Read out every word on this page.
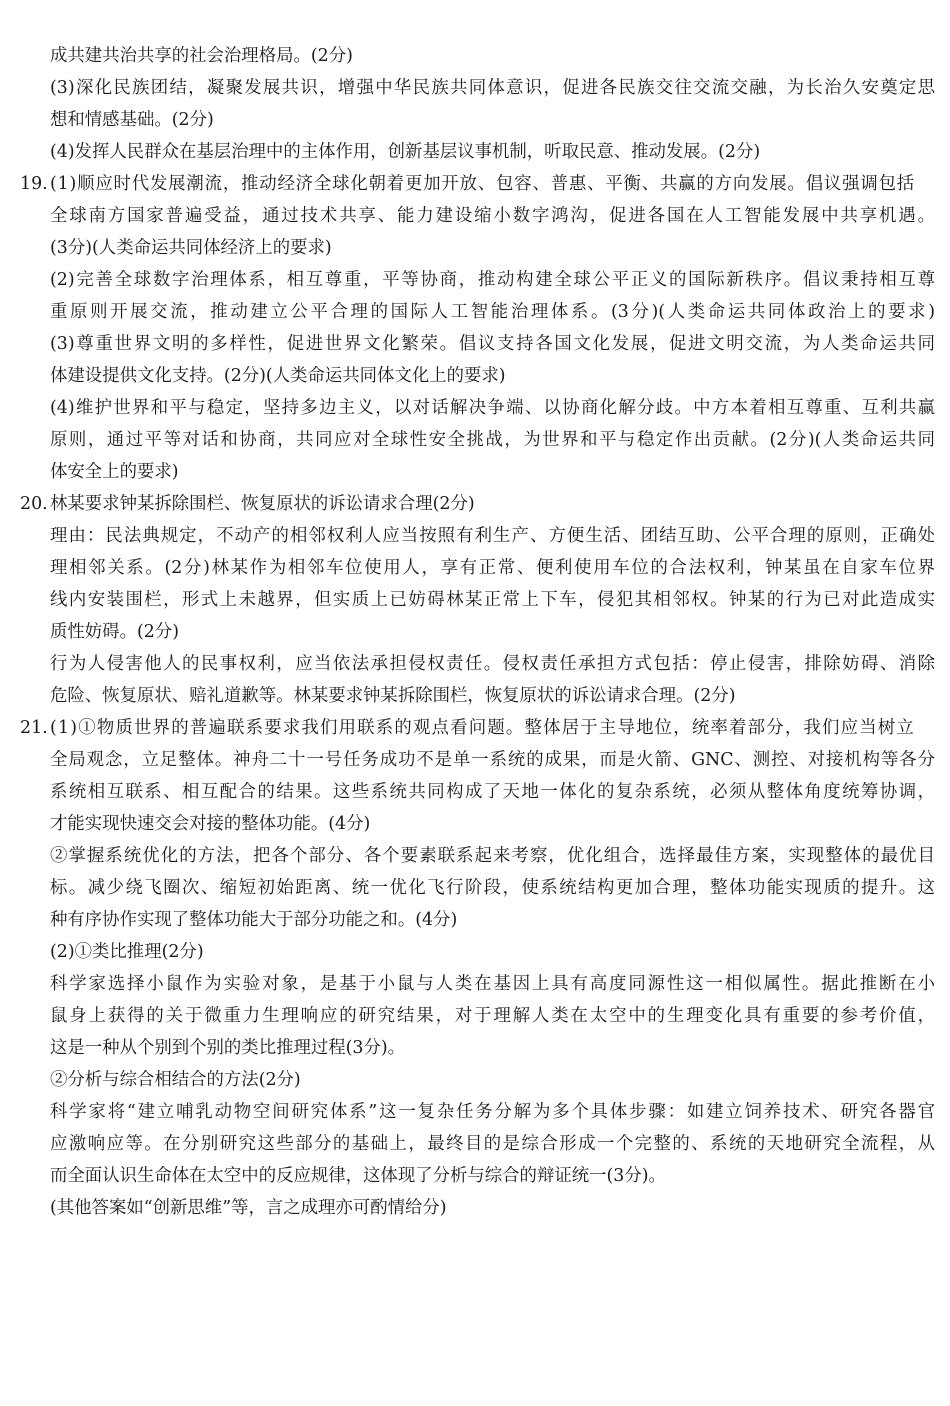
成共建共治共享的社会治理格局。(2分)
(3)深化民族团结，凝聚发展共识，增强中华民族共同体意识，促进各民族交往交流交融，为长治久安奠定思
想和情感基础。(2分)
(4)发挥人民群众在基层治理中的主体作用，创新基层议事机制，听取民意、推动发展。(2分)
19. (1)顺应时代发展潮流，推动经济全球化朝着更加开放、包容、普惠、平衡、共赢的方向发展。倡议强调包括
全球南方国家普遍受益，通过技术共享、能力建设缩小数字鸿沟，促进各国在人工智能发展中共享机遇。
(3分)(人类命运共同体经济上的要求)
(2)完善全球数字治理体系，相互尊重，平等协商，推动构建全球公平正义的国际新秩序。倡议秉持相互尊
重原则开展交流，推动建立公平合理的国际人工智能治理体系。(3分)(人类命运共同体政治上的要求)
(3)尊重世界文明的多样性，促进世界文化繁荣。倡议支持各国文化发展，促进文明交流，为人类命运共同
体建设提供文化支持。(2分)(人类命运共同体文化上的要求)
(4)维护世界和平与稳定，坚持多边主义，以对话解决争端、以协商化解分歧。中方本着相互尊重、互利共赢
原则，通过平等对话和协商，共同应对全球性安全挑战，为世界和平与稳定作出贡献。(2分)(人类命运共同
体安全上的要求)
20. 林某要求钟某拆除围栏、恢复原状的诉讼请求合理(2分)
理由：民法典规定，不动产的相邻权利人应当按照有利生产、方便生活、团结互助、公平合理的原则，正确处
理相邻关系。(2分)林某作为相邻车位使用人，享有正常、便利使用车位的合法权利，钟某虽在自家车位界
线内安装围栏，形式上未越界，但实质上已妨碍林某正常上下车，侵犯其相邻权。钟某的行为已对此造成实
质性妨碍。(2分)
行为人侵害他人的民事权利，应当依法承担侵权责任。侵权责任承担方式包括：停止侵害，排除妨碍、消除
危险、恢复原状、赔礼道歉等。林某要求钟某拆除围栏，恢复原状的诉讼请求合理。(2分)
21. (1)①物质世界的普遍联系要求我们用联系的观点看问题。整体居于主导地位，统率着部分，我们应当树立
全局观念，立足整体。神舟二十一号任务成功不是单一系统的成果，而是火箭、GNC、测控、对接机构等各分
系统相互联系、相互配合的结果。这些系统共同构成了天地一体化的复杂系统，必须从整体角度统筹协调，
才能实现快速交会对接的整体功能。(4分)
②掌握系统优化的方法，把各个部分、各个要素联系起来考察，优化组合，选择最佳方案，实现整体的最优目
标。减少绕飞圈次、缩短初始距离、统一优化飞行阶段，使系统结构更加合理，整体功能实现质的提升。这
种有序协作实现了整体功能大于部分功能之和。(4分)
(2)①类比推理(2分)
科学家选择小鼠作为实验对象，是基于小鼠与人类在基因上具有高度同源性这一相似属性。据此推断在小
鼠身上获得的关于微重力生理响应的研究结果，对于理解人类在太空中的生理变化具有重要的参考价值，
这是一种从个别到个别的类比推理过程(3分)。
②分析与综合相结合的方法(2分)
科学家将“建立哺乳动物空间研究体系”这一复杂任务分解为多个具体步骤：如建立饲养技术、研究各器官
应激响应等。在分别研究这些部分的基础上，最终目的是综合形成一个完整的、系统的天地研究全流程，从
而全面认识生命体在太空中的反应规律，这体现了分析与综合的辩证统一(3分)。
(其他答案如“创新思维”等，言之成理亦可酌情给分)
